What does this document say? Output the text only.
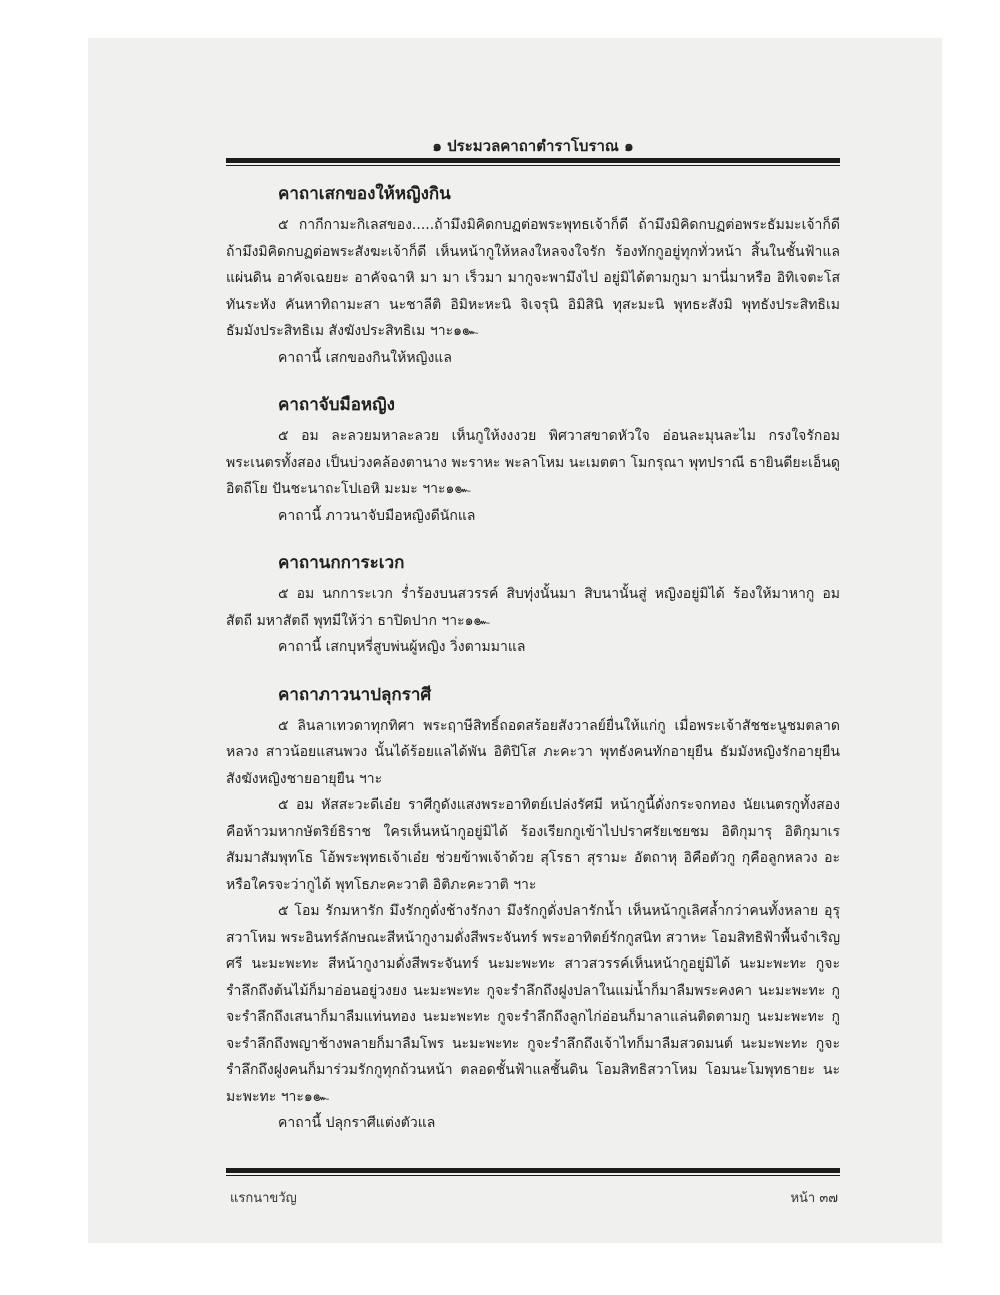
๑ ประมวลคาถาตำราโบราณ ๑
คาถาเสกของให้หญิงกิน

๕ กากีกามะกิเลสของ.....ถ้ามึงมิคิดกบฏต่อพระพุทธเจ้าก็ดี ถ้ามึงมิคิดกบฏต่อพระธัมมะเจ้าก็ดี ถ้ามึงมิคิดกบฏต่อพระสังฆะเจ้าก็ดี เห็นหน้ากูให้หลงใหลจงใจรัก ร้องทักกูอยู่ทุกทั่วหน้า สิ้นในชั้นฟ้าแลแผ่นดิน อาคัจเฉยยะ อาคัจฉาหิ มา มา เร็วมา มากูจะพามึงไป อยู่มิได้ตามกูมา มานี่มาหรือ อิทิเจตะโส ทันระหัง คันหาทิถามะสา นะชาลีติ อิมิหะหะนิ จิเจรุนิ อิมิสินิ ทุสะมะนิ พุทธะสังมิ พุทธังประสิทธิเม ธัมมังประสิทธิเม สังฆังประสิทธิเม ฯาะ๑๛

คาถานี้ เสกของกินให้หญิงแล

คาถาจับมือหญิง

๕ อม ละลวยมหาละลวย เห็นกูให้งงงวย พิศวาสขาดหัวใจ อ่อนละมุนละไม กรงใจรักอมพระเนตรทั้งสอง เป็นบ่วงคล้องตานาง พะราหะ พะลาโหม นะเมตตา โมกรุณา พุทปราณี ธายินดียะเอ็นดู อิตถีโย ปันชะนาถะโปเอหิ มะมะ ฯาะ๑๛

คาถานี้ ภาวนาจับมือหญิงดีนักแล

คาถานกการะเวก

๕ อม นกการะเวก ร่ำร้องบนสวรรค์ สิบทุ่งนั้นมา สิบนานั้นสู่ หญิงอยู่มิได้ ร้องให้มาหากู อม สัตถี มหาสัตถี พุทมีให้ว่า ธาปิดปาก ฯาะ๑๛

คาถานี้ เสกบุหรี่สูบพ่นผู้หญิง วิ่งตามมาแล

คาถาภาวนาปลุกราศี

๕ ลินลาเทวดาทุกทิศา พระฤาษีสิทธิ์ถอดสร้อยสังวาลย์ยื่นให้แก่กู เมื่อพระเจ้าสัชชะนูชมตลาดหลวง สาวน้อยแสนพวง นั้นได้ร้อยแลได้พัน อิติปิโส ภะคะวา พุทธังคนทักอายุยืน ธัมมังหญิงรักอายุยืน สังฆังหญิงชายอายุยืน ฯาะ

๕ อม หัสสะวะดีเอ๋ย ราศีกูดังแสงพระอาทิตย์เปล่งรัศมี หน้ากูนี้ดั่งกระจกทอง นัยเนตรกูทั้งสองคือห้าวมหากษัตริย์ธิราช ใครเห็นหน้ากูอยู่มิได้ ร้องเรียกกูเข้าไปปราศรัยเชยชม อิติกุมารุ อิติกุมาเร สัมมาสัมพุทโธ โอ้พระพุทธเจ้าเอ๋ย ช่วยข้าพเจ้าด้วย สุโรธา สุรามะ อัตถาหุ อิคือตัวกู กุคือลูกหลวง อะหรือใครจะว่ากูได้ พุทโธภะคะวาติ อิติภะคะวาติ ฯาะ

๕ โอม รักมหารัก มึงรักกูดั่งช้างรักงา มึงรักกูดั่งปลารักน้ำ เห็นหน้ากูเลิศล้ำกว่าคนทั้งหลาย อุรุ สวาโหม พระอินทร์ลักษณะสีหน้ากูงามดั่งสีพระจันทร์ พระอาทิตย์รักกูสนิท สวาหะ โอมสิทธิฟ้าพื้นจำเริญศรี นะมะพะทะ สีหน้ากูงามดั่งสีพระจันทร์ นะมะพะทะ สาวสวรรค์เห็นหน้ากูอยู่มิได้ นะมะพะทะ กูจะรำลึกถึงต้นไม้ก็มาอ่อนอยู่วงยง นะมะพะทะ กูจะรำลึกถึงฝูงปลาในแม่น้ำก็มาลืมพระคงคา นะมะพะทะ กูจะรำลึกถึงเสนาก็มาลืมแท่นทอง นะมะพะทะ กูจะรำลึกถึงลูกไก่อ่อนก็มาลาแล่นติดตามกู นะมะพะทะ กูจะรำลึกถึงพญาช้างพลายก็มาลืมโพร นะมะพะทะ กูจะรำลึกถึงเจ้าไทก็มาลืมสวดมนต์ นะมะพะทะ กูจะรำลึกถึงฝูงคนก็มาร่วมรักกูทุกถ้วนหน้า ตลอดชั้นฟ้าแลชั้นดิน โอมสิทธิสวาโหม โอมนะโมพุทธายะ นะมะพะทะ ฯาะ๑๛

คาถานี้ ปลุกราศีแต่งตัวแล

แรกนาขวัญ	หน้า ๓๗
